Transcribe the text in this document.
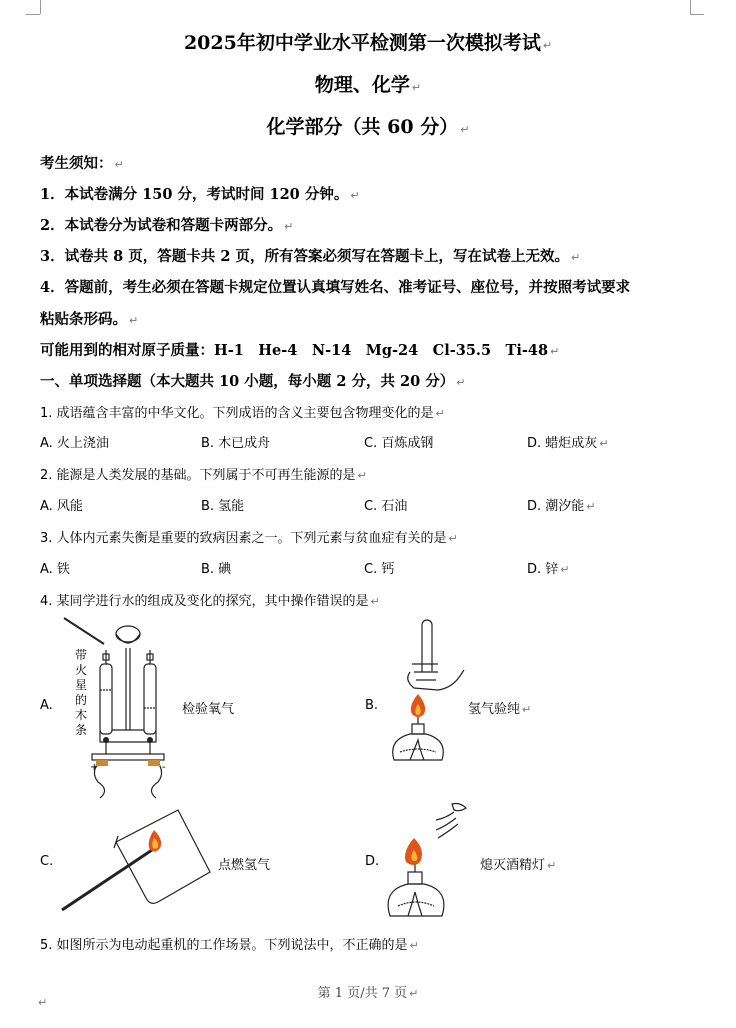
2025年初中学业水平检测第一次模拟考试 ↵
物理、化学 ↵
化学部分（共 60 分） ↵
考生须知： ↵
1．本试卷满分 150 分，考试时间 120 分钟。 ↵
2．本试卷分为试卷和答题卡两部分。 ↵
3．试卷共 8 页，答题卡共 2 页，所有答案必须写在答题卡上，写在试卷上无效。 ↵
4．答题前，考生必须在答题卡规定位置认真填写姓名、准考证号、座位号，并按照考试要求
粘贴条形码。 ↵
可能用到的相对原子质量：H-1　He-4　N-14　Mg-24　Cl-35.5　Ti-48 ↵
一、单项选择题（本大题共 10 小题，每小题 2 分，共 20 分） ↵
1. 成语蕴含丰富的中华文化。下列成语的含义主要包含物理变化的是 ↵
A. 火上浇油	B. 木已成舟	C. 百炼成钢	D. 蜡炬成灰 ↵
2. 能源是人类发展的基础。下列属于不可再生能源的是 ↵
A. 风能	B. 氢能	C. 石油	D. 潮汐能 ↵
3. 人体内元素失衡是重要的致病因素之一。下列元素与贫血症有关的是 ↵
A. 铁	B. 碘	C. 钙	D. 锌 ↵
4. 某同学进行水的组成及变化的探究，其中操作错误的是 ↵
A.
+	-
带
火
星
的
木
条
检验氧气	B.	氢气验纯 ↵
C.	点燃氢气	D.	熄灭酒精灯 ↵
5. 如图所示为电动起重机的工作场景。下列说法中，不正确的是 ↵
第 1 页/共 7 页 ↵
↵
